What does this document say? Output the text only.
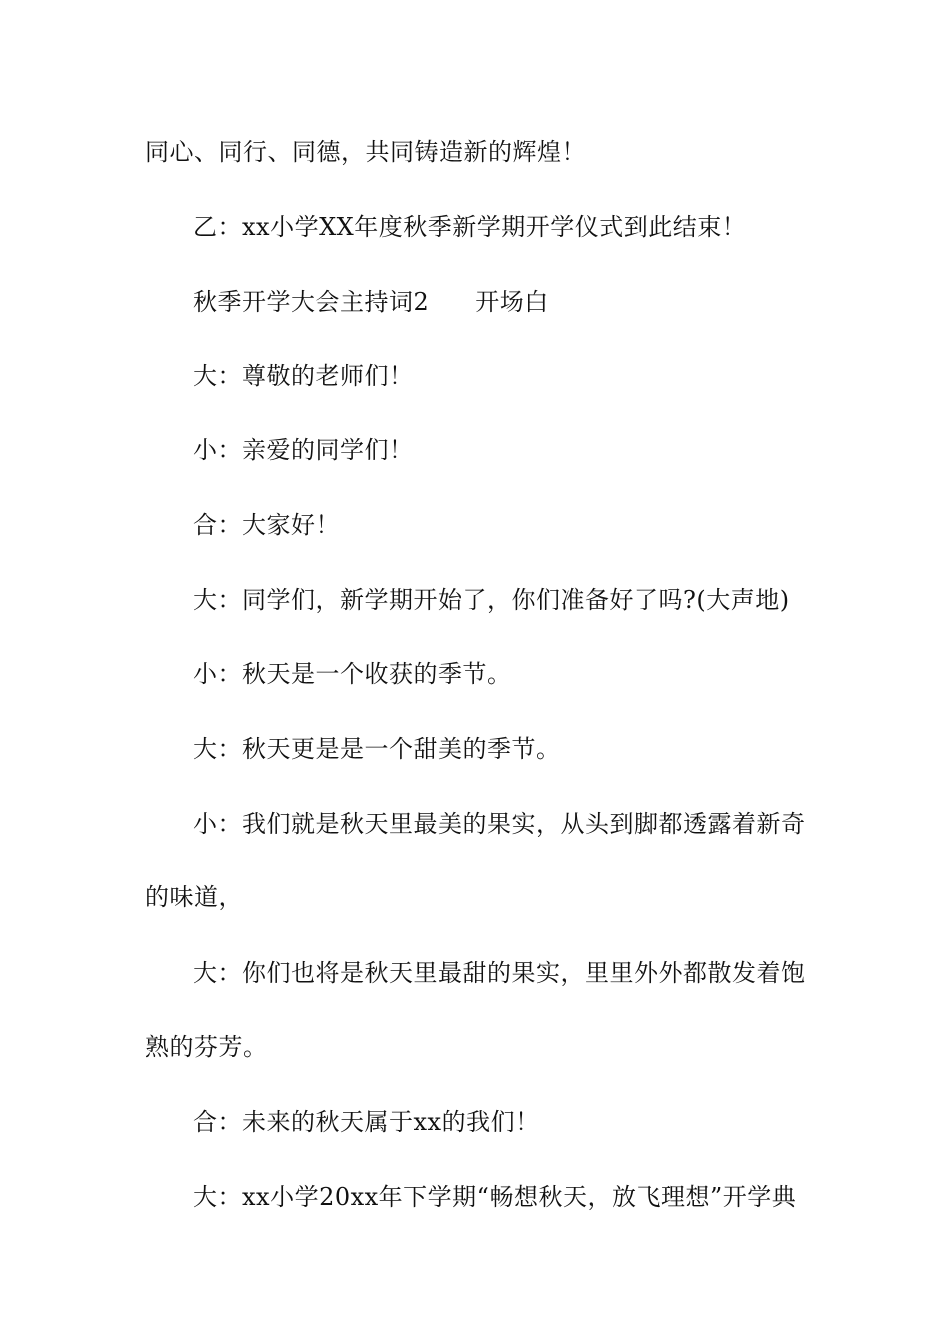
同心、同行、同德，共同铸造新的辉煌！
乙：xx小学XX年度秋季新学期开学仪式到此结束！
秋季开学大会主持词2 开场白
大：尊敬的老师们！
小：亲爱的同学们！
合：大家好！
大：同学们，新学期开始了，你们准备好了吗?(大声地)
小：秋天是一个收获的季节。
大：秋天更是是一个甜美的季节。
小：我们就是秋天里最美的果实，从头到脚都透露着新奇
的味道，
大：你们也将是秋天里最甜的果实，里里外外都散发着饱
熟的芬芳。
合：未来的秋天属于xx的我们！
大：xx小学20xx年下学期“畅想秋天，放飞理想”开学典
